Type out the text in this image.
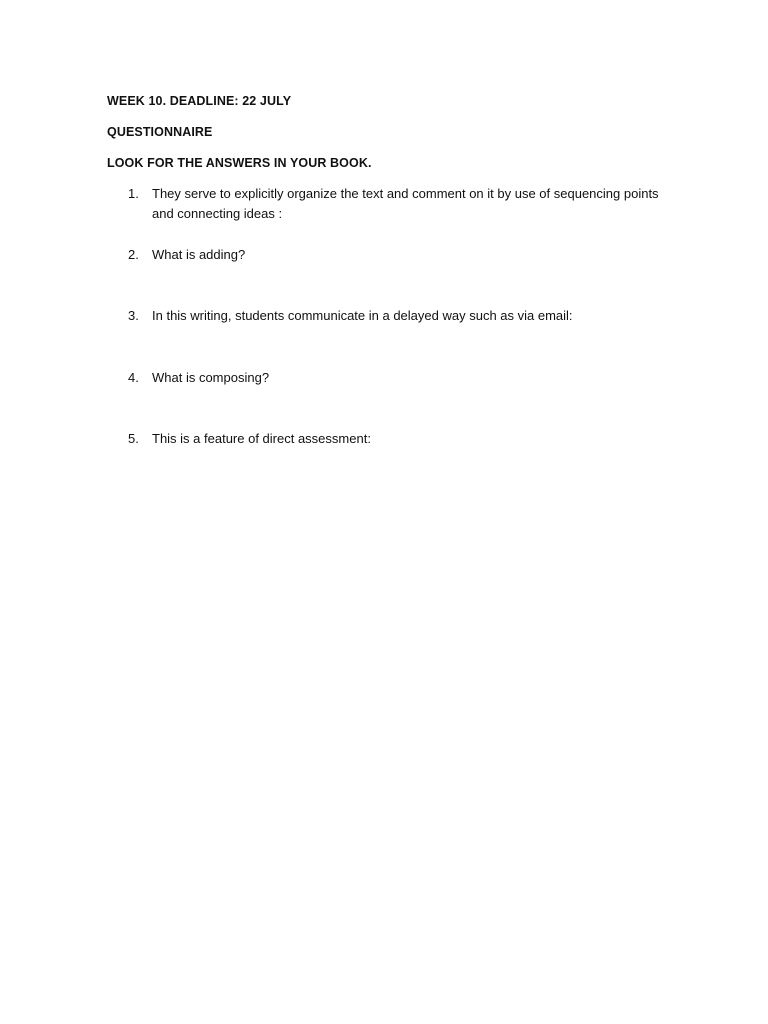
WEEK 10. DEADLINE: 22 JULY

QUESTIONNAIRE

LOOK FOR THE ANSWERS IN YOUR BOOK.

1.	They serve to explicitly organize the text and comment on it by use of sequencing points and connecting ideas :
2.	What is adding?
3.	In this writing, students communicate in a delayed way such as via email:
4.	What is composing?
5.	This is a feature of direct assessment:
